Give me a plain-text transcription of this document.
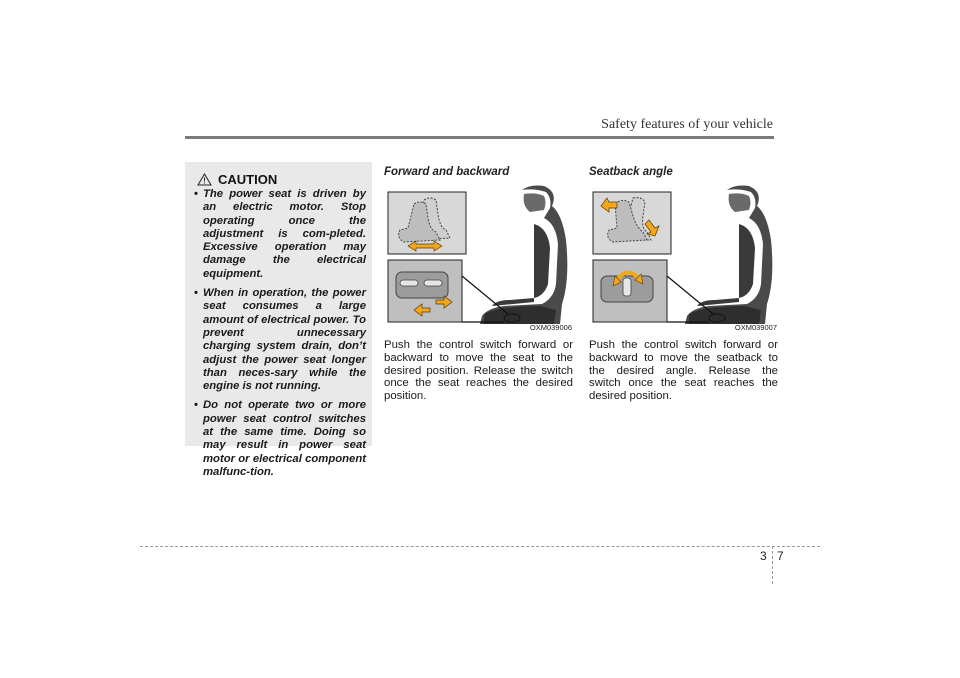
Safety features of your vehicle
CAUTION
• The power seat is driven by an electric motor. Stop operating once the adjustment is com-pleted. Excessive operation may damage the electrical equipment.
• When in operation, the power seat consumes a large amount of electrical power. To prevent unnecessary charging system drain, don’t adjust the power seat longer than neces-sary while the engine is not running.
• Do not operate two or more power seat control switches at the same time. Doing so may result in power seat motor or electrical component malfunc-tion.
Forward and backward
OXM039006
Push the control switch forward or backward to move the seat to the desired position. Release the switch once the seat reaches the desired position.
Seatback angle
OXM039007
Push the control switch forward or backward to move the seatback to the desired angle. Release the switch once the seat reaches the desired position.
3 7
